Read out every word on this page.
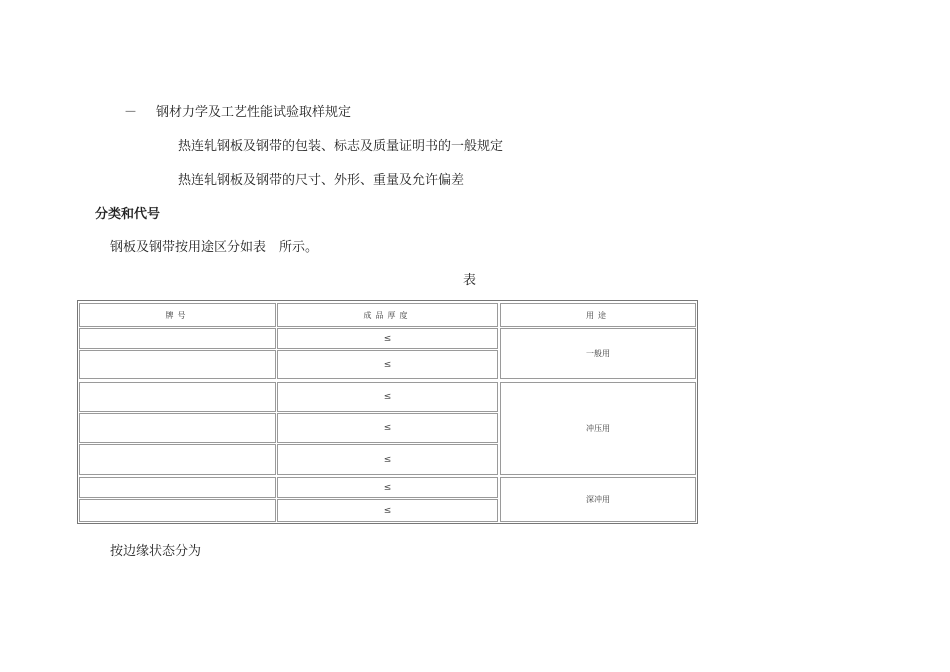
－ 钢材力学及工艺性能试验取样规定
热连轧钢板及钢带的包装、标志及质量证明书的一般规定
热连轧钢板及钢带的尺寸、外形、重量及允许偏差
分类和代号
钢板及钢带按用途区分如表　所示。
表
牌号	成品厚度	用途
≤
≤
一般用
≤
≤
≤
冲压用
≤
≤
深冲用
按边缘状态分为
